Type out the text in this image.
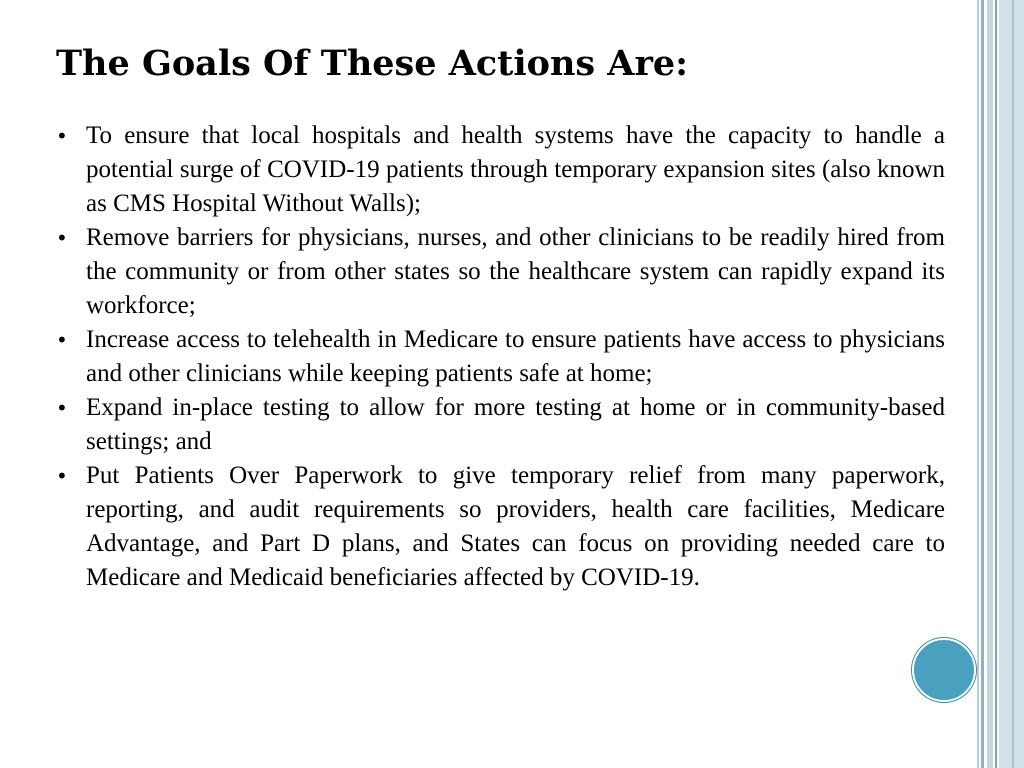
The Goals Of These Actions Are:
• To ensure that local hospitals and health systems have the capacity to handle a potential surge of COVID-19 patients through temporary expansion sites (also known as CMS Hospital Without Walls);
• Remove barriers for physicians, nurses, and other clinicians to be readily hired from the community or from other states so the healthcare system can rapidly expand its workforce;
• Increase access to telehealth in Medicare to ensure patients have access to physicians and other clinicians while keeping patients safe at home;
• Expand in-place testing to allow for more testing at home or in community-based settings; and
• Put Patients Over Paperwork to give temporary relief from many paperwork, reporting, and audit requirements so providers, health care facilities, Medicare Advantage, and Part D plans, and States can focus on providing needed care to Medicare and Medicaid beneficiaries affected by COVID-19.
